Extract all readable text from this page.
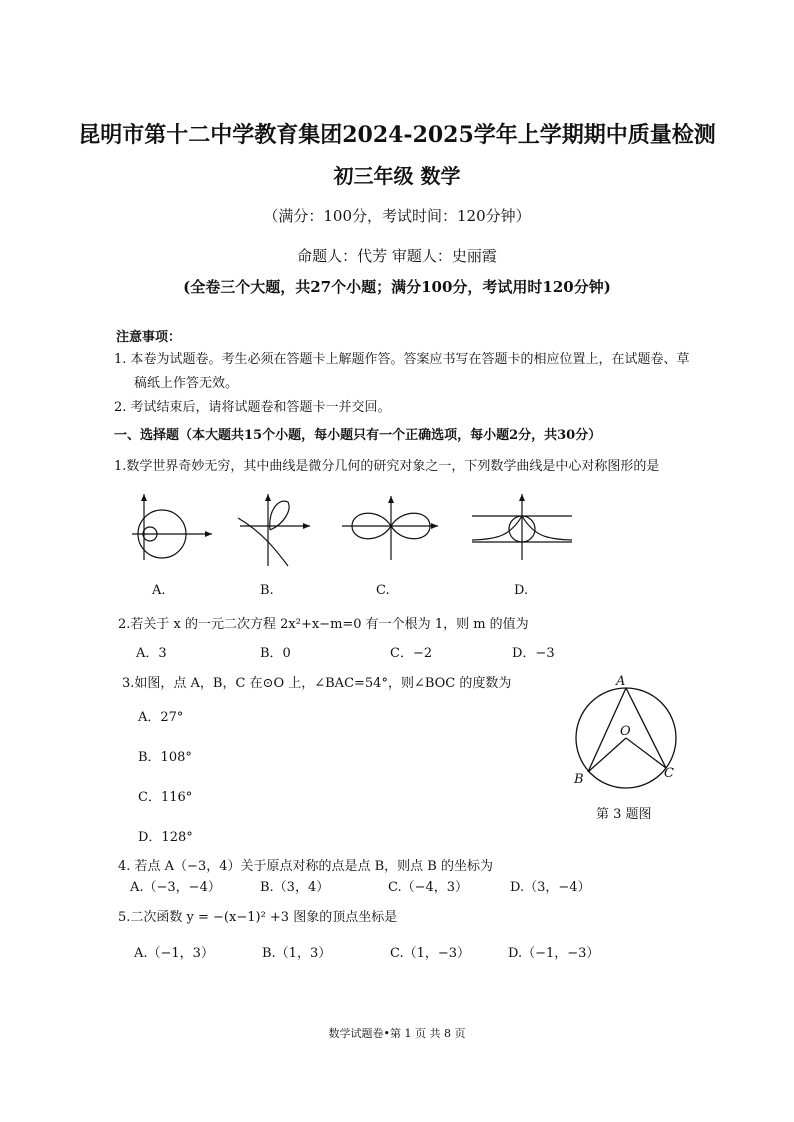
昆明市第十二中学教育集团2024-2025学年上学期期中质量检测
初三年级 数学
（满分：100分，考试时间：120分钟）
命题人：代芳 审题人：史丽霞
(全卷三个大题，共27个小题；满分100分，考试用时120分钟)
注意事项：
1. 本卷为试题卷。考生必须在答题卡上解题作答。答案应书写在答题卡的相应位置上，在试题卷、草
稿纸上作答无效。
2. 考试结束后，请将试题卷和答题卡一并交回。
一、选择题（本大题共15个小题，每小题只有一个正确选项，每小题2分，共30分）
1.数学世界奇妙无穷，其中曲线是微分几何的研究对象之一，下列数学曲线是中心对称图形的是
A.	B.	C.	D.
2.若关于 x 的一元二次方程 2x²+x−m=0 有一个根为 1，则 m 的值为
A．3	B．0	C．−2	D．−3
3.如图，点 A，B，C 在⊙O 上，∠BAC=54°，则∠BOC 的度数为
A．27°
B．108°
C．116°
D．128°
A
O
B	C
第 3 题图
4. 若点 A（−3，4）关于原点对称的点是点 B，则点 B 的坐标为
A.（−3，−4）	B.（3，4）	C.（−4，3）	D.（3，−4）
5.二次函数 y = −(x−1)² +3 图象的顶点坐标是
A.（−1，3）	B.（1，3）	C.（1，−3）	D.（−1，−3）
数学试题卷•第 1 页 共 8 页
